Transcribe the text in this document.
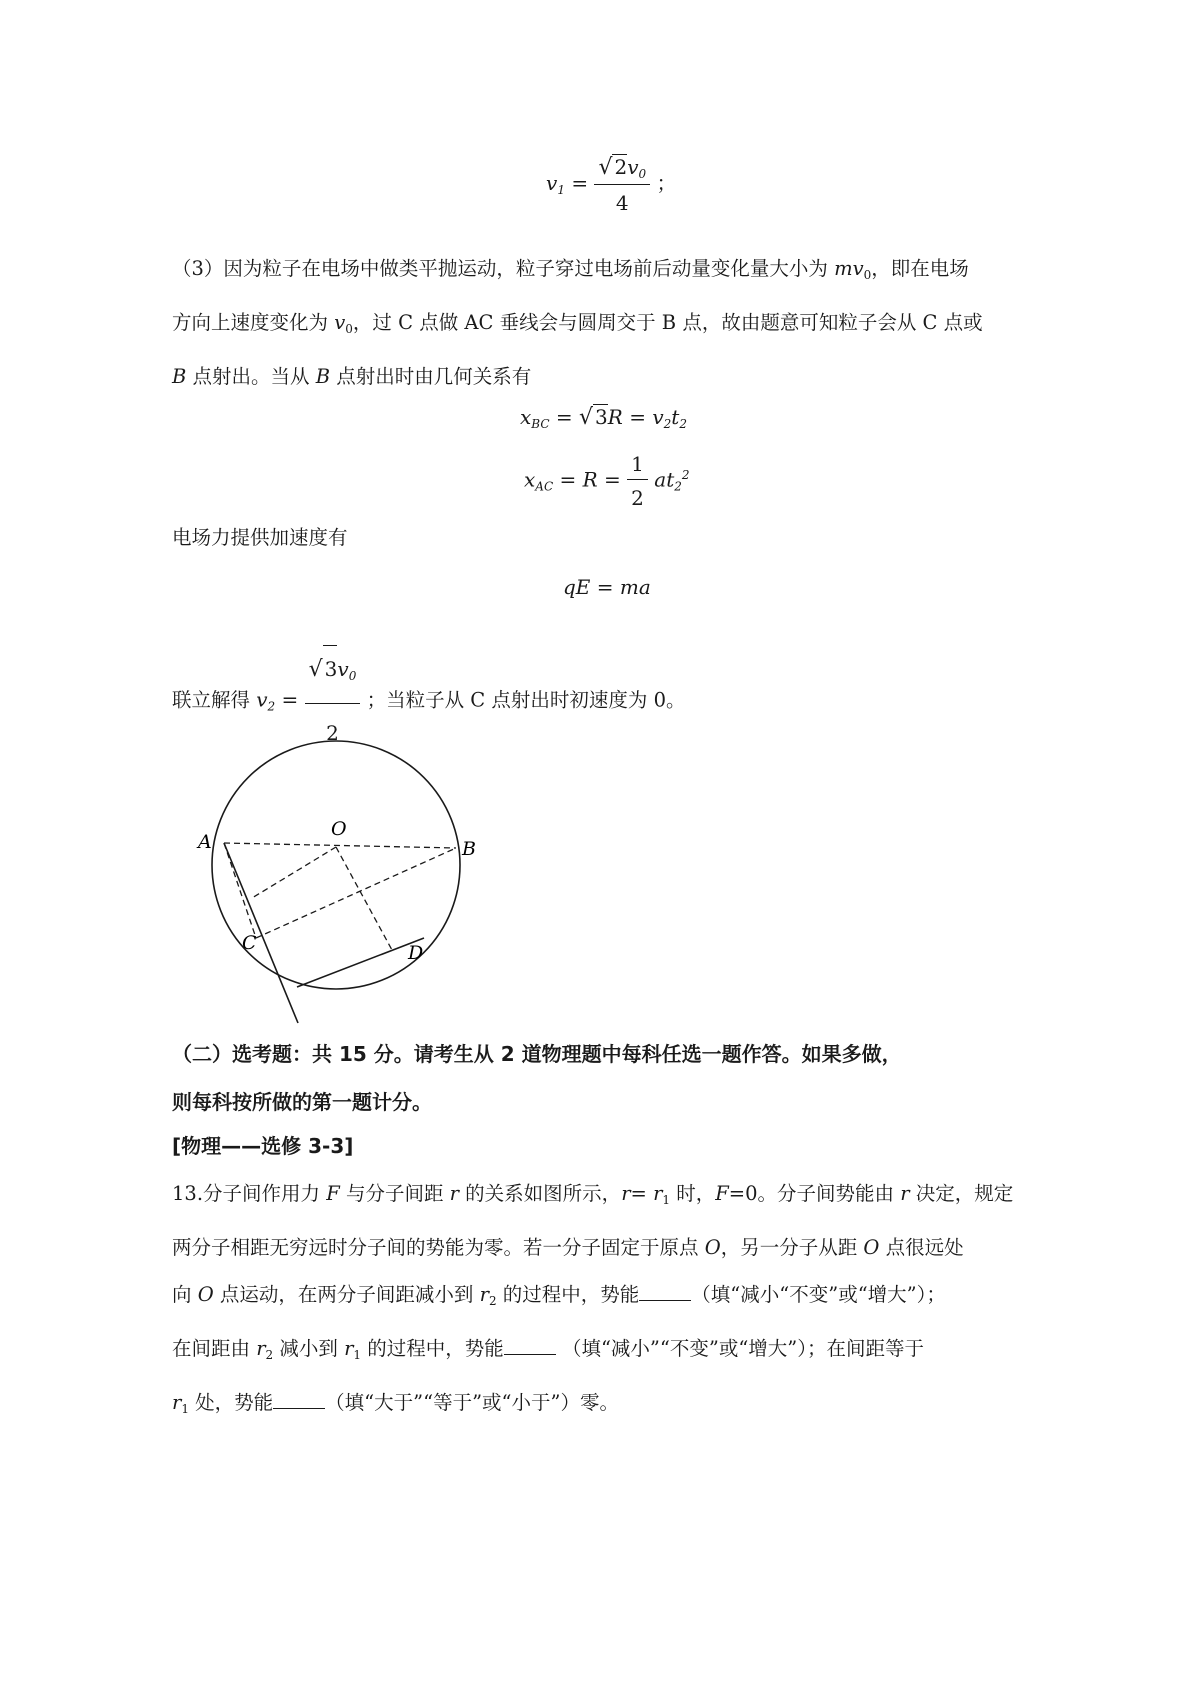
$v_1 = \frac{√ 2v_0}{4}$ ；
（3）因为粒子在电场中做类平抛运动，粒子穿过电场前后动量变化量大小为 $mv_0$，即在电场
方向上速度变化为 $v_0$，过 C 点做 AC 垂线会与圆周交于 B 点，故由题意可知粒子会从 C 点或
B 点射出。当从 B 点射出时由几何关系有
$x_{BC}$ = √ $3R = v_2t_2$
$x_{AC} = R = \frac{1}{2} at_2^2$
电场力提供加速度有
qE = ma
联立解得 $v_2 = \frac{√ 3v_0}{2}$ ；当粒子从 C 点射出时初速度为 0。
O
A	B
C	D
（二）选考题：共 15 分。请考生从 2 道物理题中每科任选一题作答。如果多做，
则每科按所做的第一题计分。
[物理——选修 3-3]
13.分子间作用力 F 与分子间距 r 的关系如图所示，$r= r_1$ 时，F=0。分子间势能由 r 决定，规定
两分子相距无穷远时分子间的势能为零。若一分子固定于原点 O，另一分子从距 O 点很远处
向 O 点运动，在两分子间距减小到 $r_2$ 的过程中，势能	（填“减小“不变”或“增大”）；
在间距由 $r_2$ 减小到 $r_1$ 的过程中，势能	（填“减小”“不变”或“增大”）；在间距等于
$r_1$ 处，势能	（填“大于”“等于”或“小于”）零。
